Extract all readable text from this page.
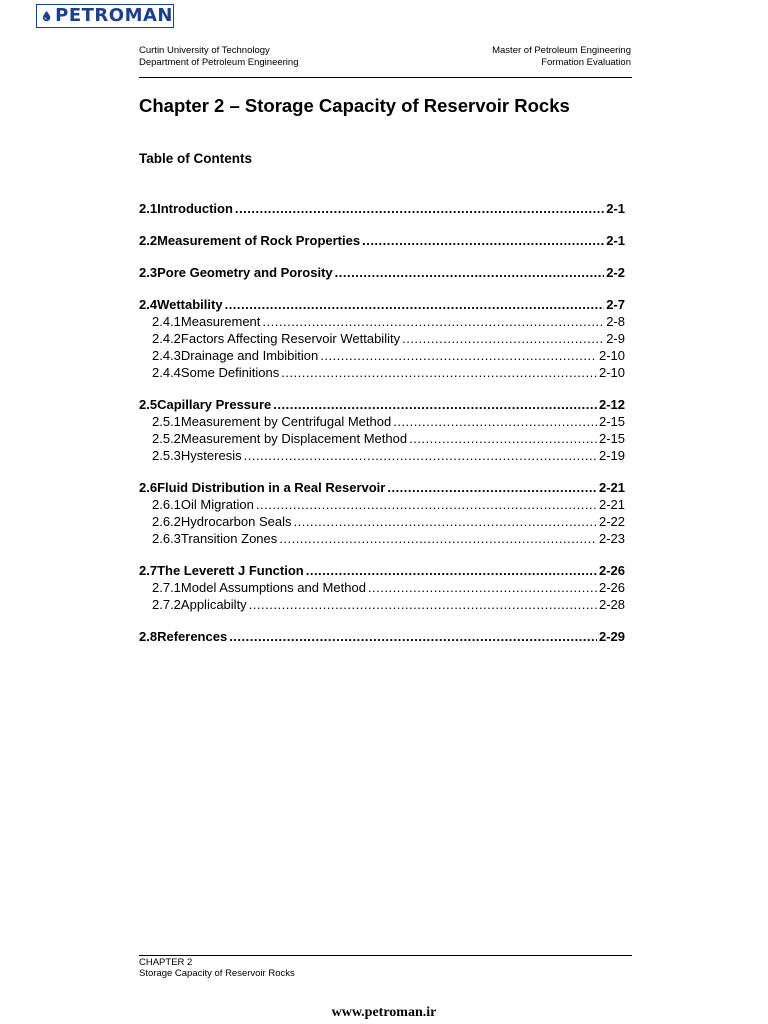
PETROMAN
Curtin University of Technology
Department of Petroleum Engineering
Master of Petroleum Engineering
Formation Evaluation
Chapter 2 – Storage Capacity of Reservoir Rocks
Table of Contents
2.1 Introduction .....	2-1
2.2 Measurement of Rock Properties .....	2-1
2.3 Pore Geometry and Porosity .....	2-2
2.4 Wettability .....	2-7
2.4.1 Measurement .....	2-8
2.4.2 Factors Affecting Reservoir Wettability .....	2-9
2.4.3 Drainage and Imbibition .....	2-10
2.4.4 Some Definitions .....	2-10
2.5 Capillary Pressure .....	2-12
2.5.1 Measurement by Centrifugal Method .....	2-15
2.5.2 Measurement by Displacement Method .....	2-15
2.5.3 Hysteresis .....	2-19
2.6 Fluid Distribution in a Real Reservoir .....	2-21
2.6.1 Oil Migration .....	2-21
2.6.2 Hydrocarbon Seals .....	2-22
2.6.3 Transition Zones .....	2-23
2.7 The Leverett J Function .....	2-26
2.7.1 Model Assumptions and Method .....	2-26
2.7.2 Applicabilty .....	2-28
2.8 References .....	2-29
CHAPTER 2
Storage Capacity of Reservoir Rocks
www.petroman.ir
